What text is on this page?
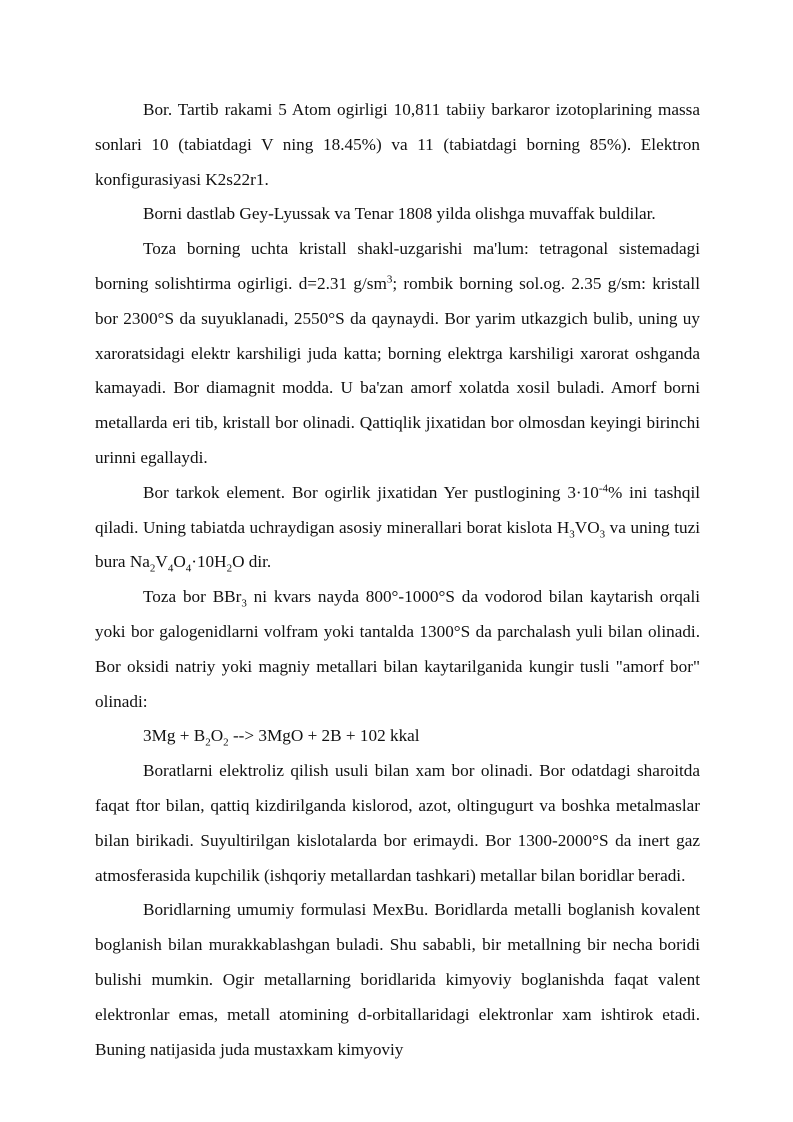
Bor. Tartib rakami 5 Atom ogirligi 10,811 tabiiy barkaror izotoplarining massa sonlari 10 (tabiatdagi V ning 18.45%) va 11 (tabiatdagi borning 85%). Elektron konfigurasiyasi K2s22r1.

Borni dastlab Gey-Lyussak va Tenar 1808 yilda olishga muvaffak buldilar.

Toza borning uchta kristall shakl-uzgarishi ma'lum: tetragonal sistemadagi borning solishtirma ogirligi. d=2.31 $g/sm^3$; rombik borning sol.og. 2.35 g/sm: kristall bor 2300°S da suyuklanadi, 2550°S da qaynaydi. Bor yarim utkazgich bulib, uning uy xaroratsidagi elektr karshiligi juda katta; borning elektrga karshiligi xarorat oshganda kamayadi. Bor diamagnit modda. U ba'zan amorf xolatda xosil buladi. Amorf borni metallarda eri tib, kristall bor olinadi. Qattiqlik jixatidan bor olmosdan keyingi birinchi urinni egallaydi.

Bor tarkok element. Bor ogirlik jixatidan Yer pustlogining $3\cdot 10^{-4}\%$ ini tashqil qiladi. Uning tabiatda uchraydigan asosiy minerallari borat kislota $H_3VO_3$ va uning tuzi bura $Na_2V_4O_4\cdot 10H_2O$ dir.

Toza bor BBr$_3$ ni kvars nayda 800°-1000°S da vodorod bilan kaytarish orqali yoki bor galogenidlarni volfram yoki tantalda 1300°S da parchalash yuli bilan olinadi. Bor oksidi natriy yoki magniy metallari bilan kaytarilganida kungir tusli "amorf bor" olinadi:

$3Mg + B_2O_2$ --> 3MgO + 2B + 102 kkal

Boratlarni elektroliz qilish usuli bilan xam bor olinadi. Bor odatdagi sharoitda faqat ftor bilan, qattiq kizdirilganda kislorod, azot, oltingugurt va boshka metalmaslar bilan birikadi. Suyultirilgan kislotalarda bor erimaydi. Bor 1300-2000°S da inert gaz atmosferasida kupchilik (ishqoriy metallardan tashkari) metallar bilan boridlar beradi.

Boridlarning umumiy formulasi MexBu. Boridlarda metalli boglanish kovalent boglanish bilan murakkablashgan buladi. Shu sababli, bir metallning bir necha boridi bulishi mumkin. Ogir metallarning boridlarida kimyoviy boglanishda faqat valent elektronlar emas, metall atomining d-orbitallaridagi elektronlar xam ishtirok etadi. Buning natijasida juda mustaxkam kimyoviy
